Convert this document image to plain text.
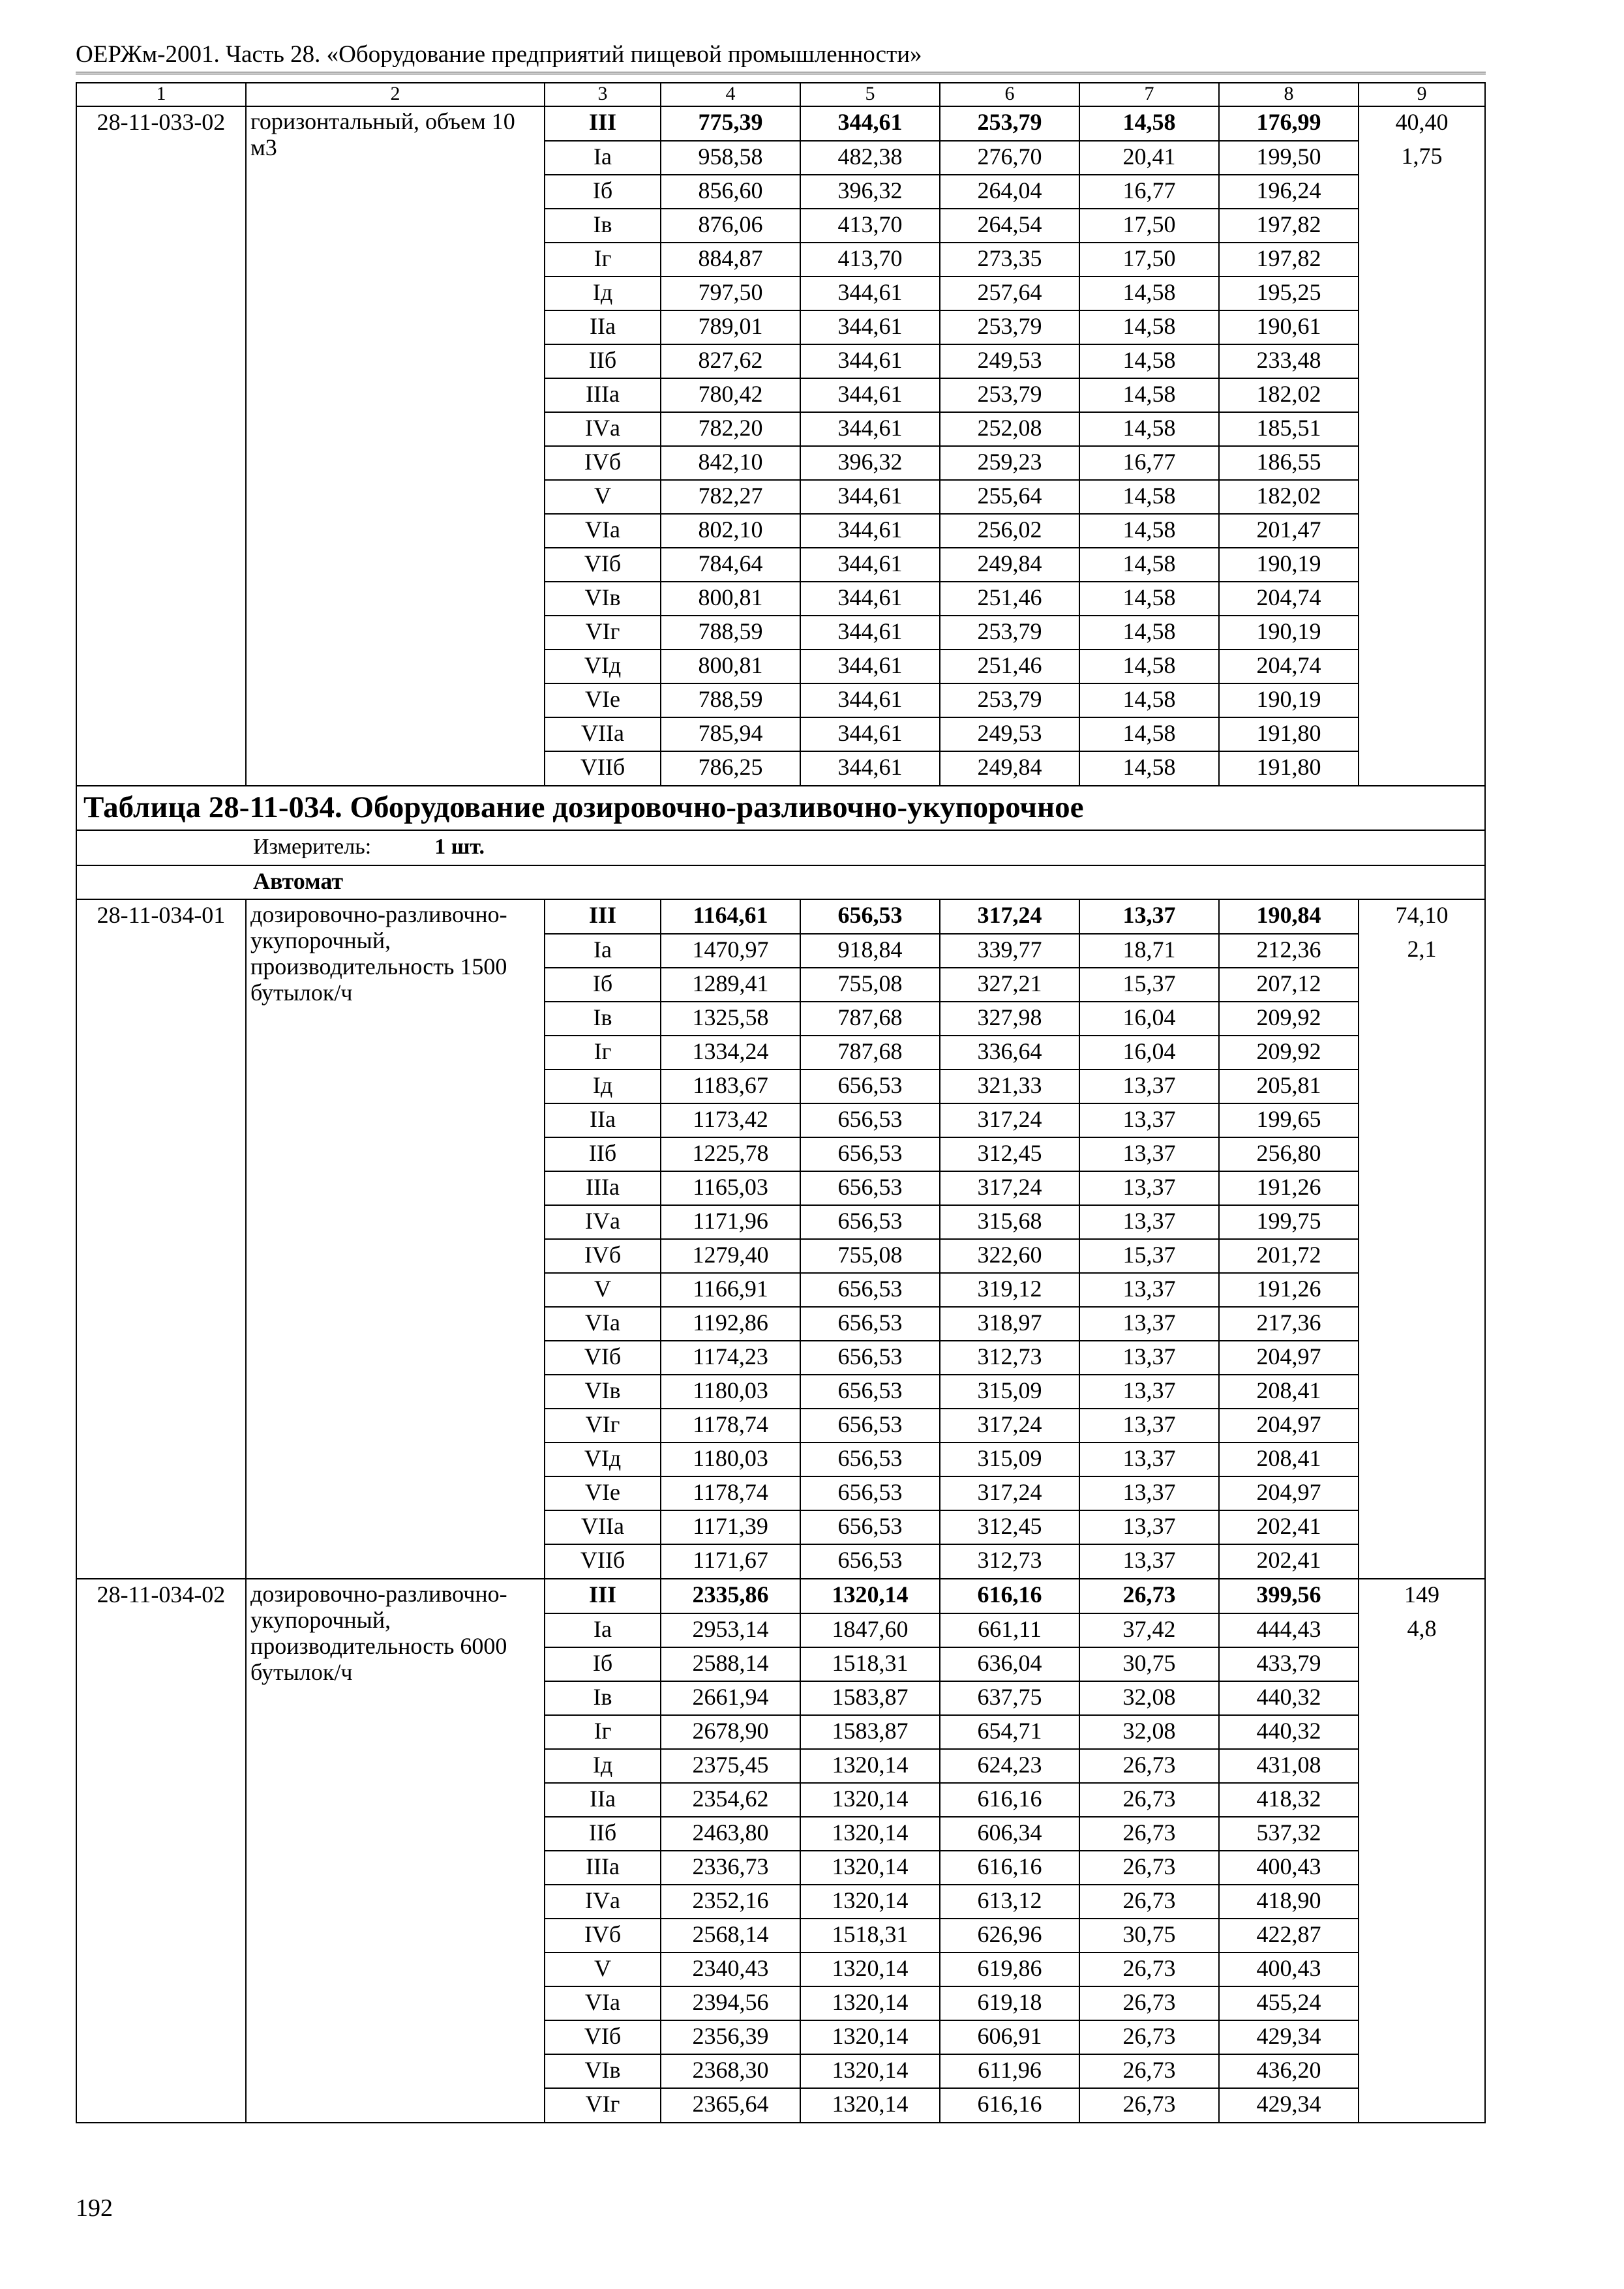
ОЕРЖм-2001. Часть 28. «Оборудование предприятий пищевой промышленности»
1	2	3	4	5	6	7	8	9
28-11-033-02	горизонтальный, объем 10 м3	III	775,39	344,61	253,79	14,58	176,99	40,40
		Iа	958,58	482,38	276,70	20,41	199,50	1,75
		Iб	856,60	396,32	264,04	16,77	196,24	
		Iв	876,06	413,70	264,54	17,50	197,82	
		Iг	884,87	413,70	273,35	17,50	197,82	
		Iд	797,50	344,61	257,64	14,58	195,25	
		IIа	789,01	344,61	253,79	14,58	190,61	
		IIб	827,62	344,61	249,53	14,58	233,48	
		IIIа	780,42	344,61	253,79	14,58	182,02	
		IVа	782,20	344,61	252,08	14,58	185,51	
		IVб	842,10	396,32	259,23	16,77	186,55	
		V	782,27	344,61	255,64	14,58	182,02	
		VIа	802,10	344,61	256,02	14,58	201,47	
		VIб	784,64	344,61	249,84	14,58	190,19	
		VIв	800,81	344,61	251,46	14,58	204,74	
		VIг	788,59	344,61	253,79	14,58	190,19	
		VIд	800,81	344,61	251,46	14,58	204,74	
		VIе	788,59	344,61	253,79	14,58	190,19	
		VIIа	785,94	344,61	249,53	14,58	191,80	
		VIIб	786,25	344,61	249,84	14,58	191,80	
Таблица 28-11-034. Оборудование дозировочно-разливочно-укупорочное								
Измеритель: 1 шт.								
Автомат								
28-11-034-01	дозировочно-разливочно-укупорочный, производительность 1500 бутылок/ч	III	1164,61	656,53	317,24	13,37	190,84	74,10
		Iа	1470,97	918,84	339,77	18,71	212,36	2,1
		Iб	1289,41	755,08	327,21	15,37	207,12	
		Iв	1325,58	787,68	327,98	16,04	209,92	
		Iг	1334,24	787,68	336,64	16,04	209,92	
		Iд	1183,67	656,53	321,33	13,37	205,81	
		IIа	1173,42	656,53	317,24	13,37	199,65	
		IIб	1225,78	656,53	312,45	13,37	256,80	
		IIIа	1165,03	656,53	317,24	13,37	191,26	
		IVа	1171,96	656,53	315,68	13,37	199,75	
		IVб	1279,40	755,08	322,60	15,37	201,72	
		V	1166,91	656,53	319,12	13,37	191,26	
		VIа	1192,86	656,53	318,97	13,37	217,36	
		VIб	1174,23	656,53	312,73	13,37	204,97	
		VIв	1180,03	656,53	315,09	13,37	208,41	
		VIг	1178,74	656,53	317,24	13,37	204,97	
		VIд	1180,03	656,53	315,09	13,37	208,41	
		VIе	1178,74	656,53	317,24	13,37	204,97	
		VIIа	1171,39	656,53	312,45	13,37	202,41	
		VIIб	1171,67	656,53	312,73	13,37	202,41	
28-11-034-02	дозировочно-разливочно-укупорочный, производительность 6000 бутылок/ч	III	2335,86	1320,14	616,16	26,73	399,56	149
		Iа	2953,14	1847,60	661,11	37,42	444,43	4,8
		Iб	2588,14	1518,31	636,04	30,75	433,79	
		Iв	2661,94	1583,87	637,75	32,08	440,32	
		Iг	2678,90	1583,87	654,71	32,08	440,32	
		Iд	2375,45	1320,14	624,23	26,73	431,08	
		IIа	2354,62	1320,14	616,16	26,73	418,32	
		IIб	2463,80	1320,14	606,34	26,73	537,32	
		IIIа	2336,73	1320,14	616,16	26,73	400,43	
		IVа	2352,16	1320,14	613,12	26,73	418,90	
		IVб	2568,14	1518,31	626,96	30,75	422,87	
		V	2340,43	1320,14	619,86	26,73	400,43	
		VIа	2394,56	1320,14	619,18	26,73	455,24	
		VIб	2356,39	1320,14	606,91	26,73	429,34	
		VIв	2368,30	1320,14	611,96	26,73	436,20	
		VIг	2365,64	1320,14	616,16	26,73	429,34	
192
